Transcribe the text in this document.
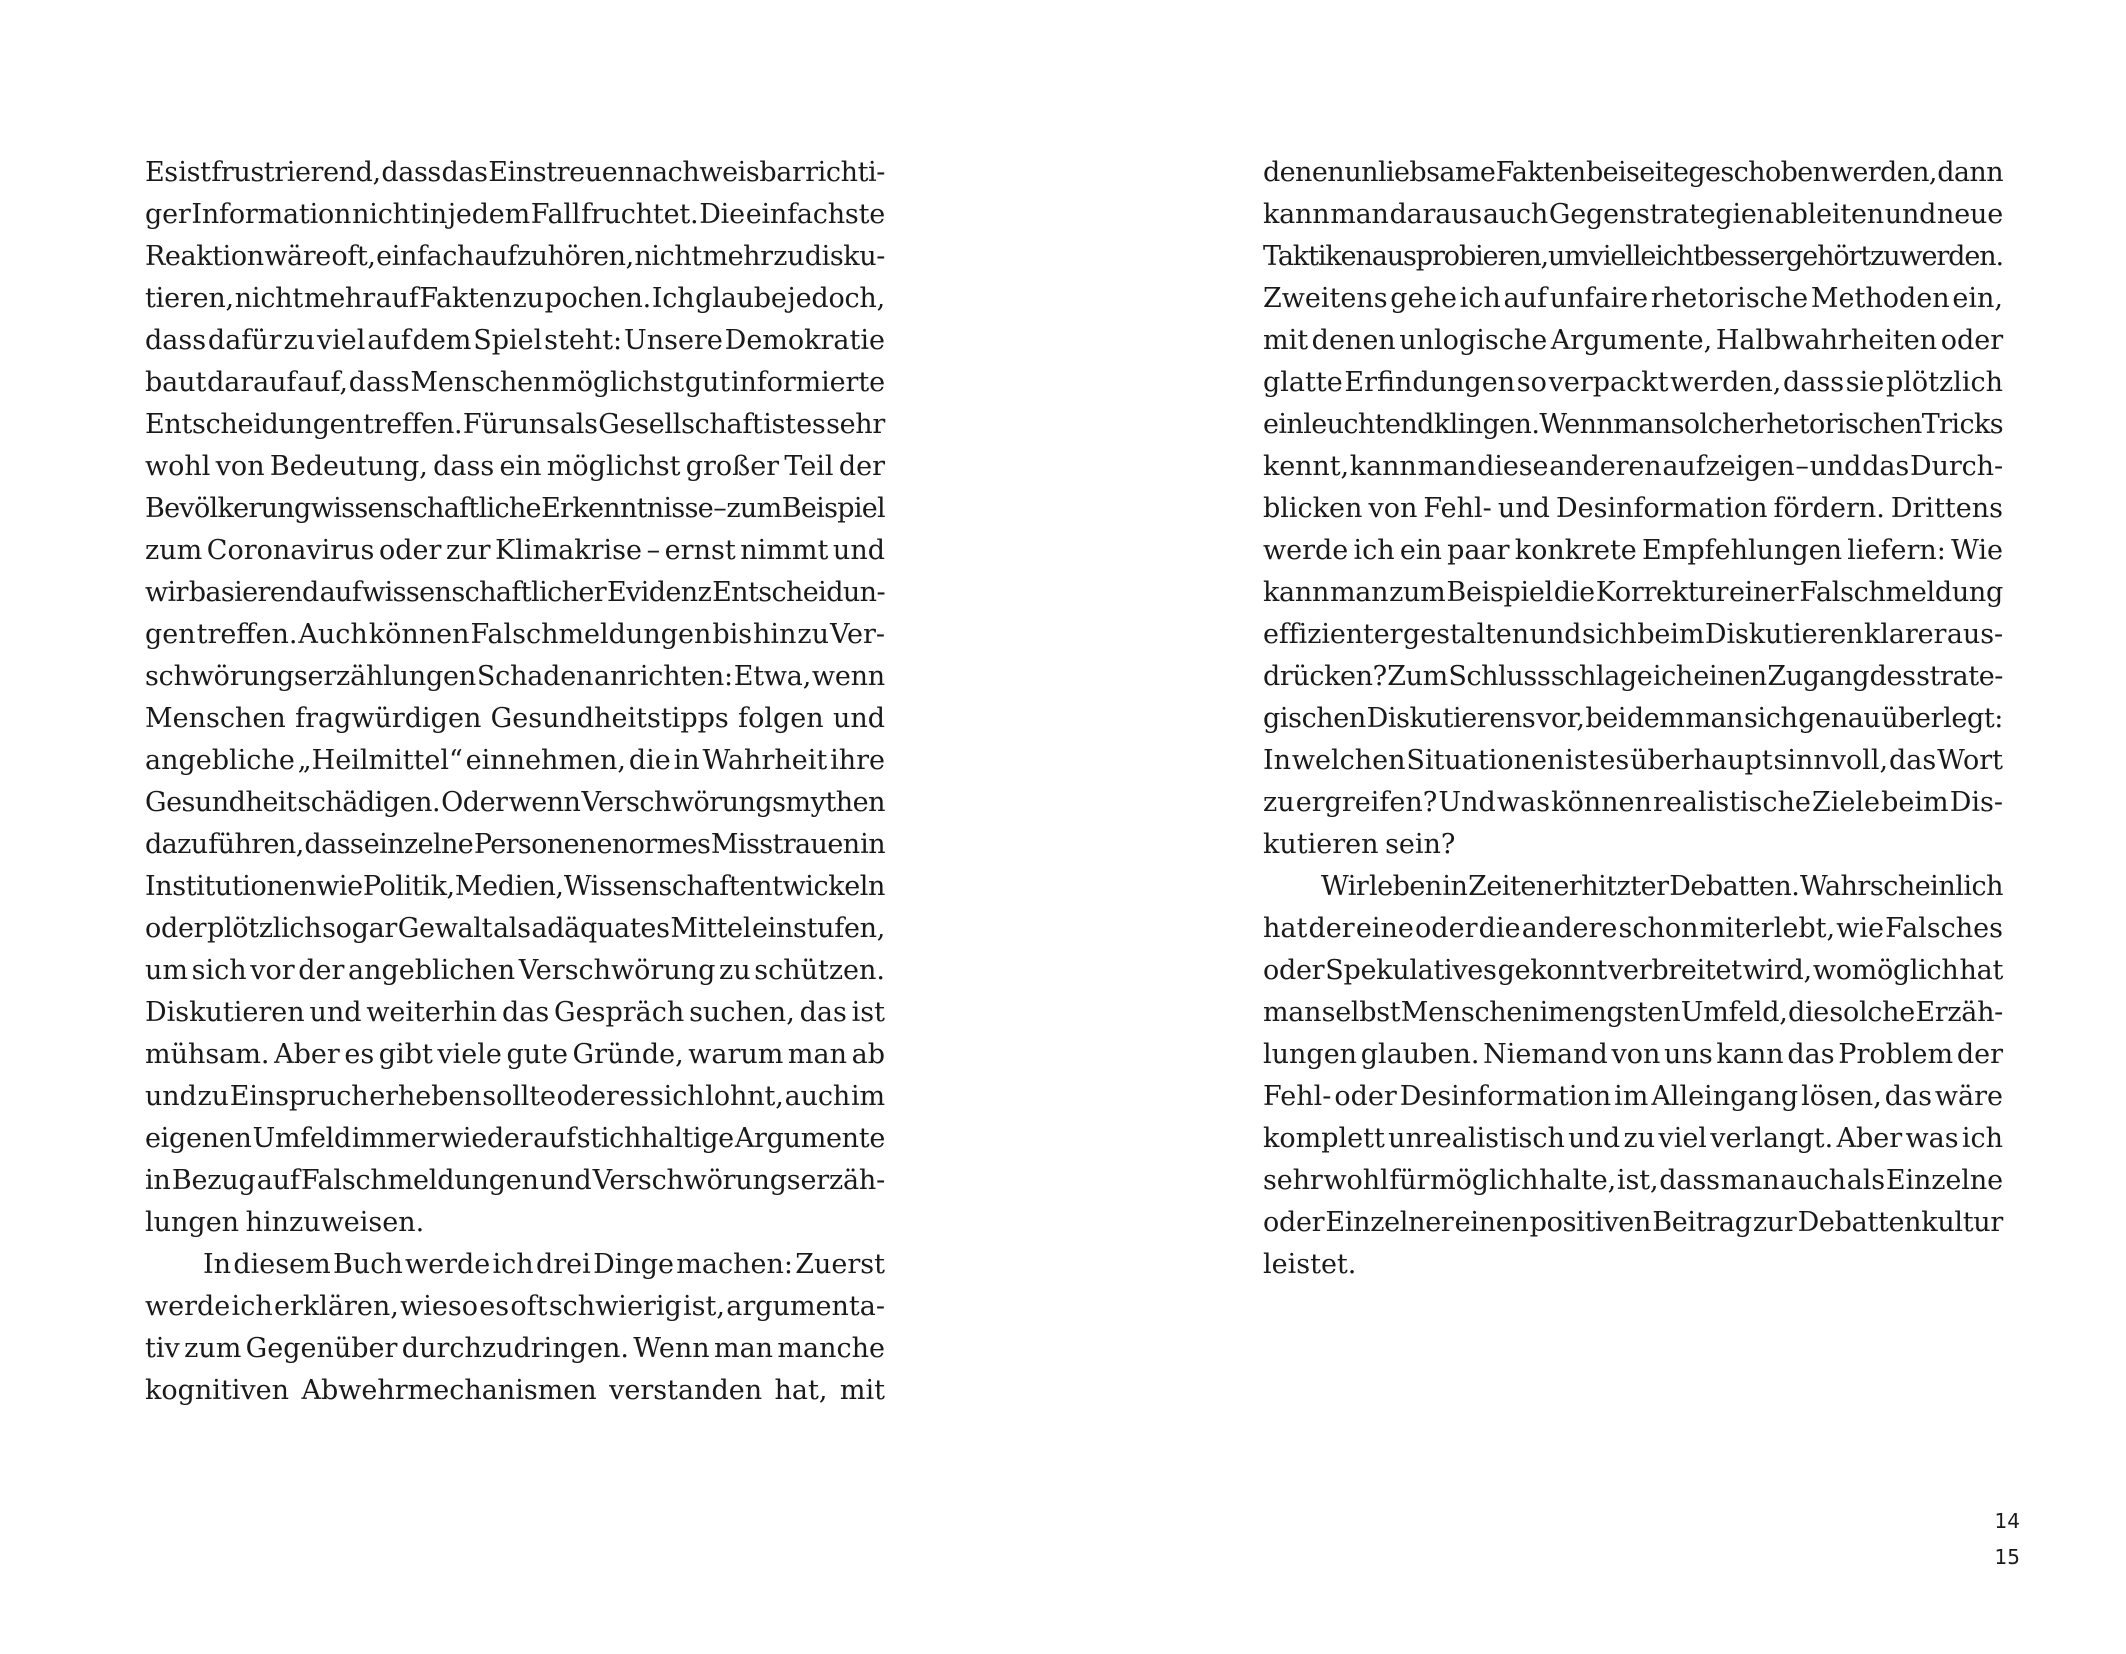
Es ist frustrierend, dass das Einstreuen nachweisbar richti-
ger Information nicht in jedem Fall fruchtet. Die einfachste
Reaktion wäre oft, einfach aufzuhören, nicht mehr zu disku-
tieren, nicht mehr auf Fakten zu pochen. Ich glaube jedoch,
dass dafür zu viel auf dem Spiel steht: Unsere Demokratie
baut darauf auf, dass Menschen möglichst gut informierte
Entscheidungen treffen. Für uns als Gesellschaft ist es sehr
wohl von Bedeutung, dass ein möglichst großer Teil der
Bevölkerung wissenschaftliche Erkenntnisse – zum Beispiel
zum Coronavirus oder zur Klimakrise – ernst nimmt und
wir basierend auf wissenschaftlicher Evidenz Entscheidun-
gen treffen. Auch können Falschmeldungen bis hin zu Ver-
schwörungserzählungen Schaden anrichten: Etwa, wenn
Menschen fragwürdigen Gesundheitstipps folgen und
angebliche „Heilmittel“ einnehmen, die in Wahrheit ihre
Gesundheit schädigen. Oder wenn Verschwörungsmythen
dazu führen, dass einzelne Personen enormes Misstrauen in
Institutionen wie Politik, Medien, Wissenschaft entwickeln
oder plötzlich sogar Gewalt als adäquates Mittel einstufen,
um sich vor der angeblichen Verschwörung zu schützen.
Diskutieren und weiterhin das Gespräch suchen, das ist
mühsam. Aber es gibt viele gute Gründe, warum man ab
und zu Einspruch erheben sollte oder es sich lohnt, auch im
eigenen Umfeld immer wieder auf stichhaltige Argumente
in Bezug auf Falschmeldungen und Verschwörungserzäh-
lungen hinzuweisen.
In diesem Buch werde ich drei Dinge machen: Zuerst
werde ich erklären, wieso es oft schwierig ist, argumenta-
tiv zum Gegenüber durchzudringen. Wenn man manche
kognitiven Abwehrmechanismen verstanden hat, mit
denen unliebsame Fakten beiseitegeschoben werden, dann
kann man daraus auch Gegenstrategien ableiten und neue
Taktiken ausprobieren, um vielleicht besser gehört zu werden.
Zweitens gehe ich auf unfaire rhetorische Methoden ein,
mit denen unlogische Argumente, Halbwahrheiten oder
glatte Erfindungen so verpackt werden, dass sie plötzlich
einleuchtend klingen. Wenn man solche rhetorischen Tricks
kennt, kann man diese anderen aufzeigen – und das Durch-
blicken von Fehl- und Desinformation fördern. Drittens
werde ich ein paar konkrete Empfehlungen liefern: Wie
kann man zum Beispiel die Korrektur einer Falschmeldung
effizienter gestalten und sich beim Diskutieren klarer aus-
drücken? Zum Schluss schlage ich einen Zugang des strate-
gischen Diskutierens vor, bei dem man sich genau überlegt:
In welchen Situationen ist es überhaupt sinnvoll, das Wort
zu ergreifen? Und was können realistische Ziele beim Dis-
kutieren sein?
Wir leben in Zeiten erhitzter Debatten. Wahrscheinlich
hat der eine oder die andere schon miterlebt, wie Falsches
oder Spekulatives gekonnt verbreitet wird, womöglich hat
man selbst Menschen im engsten Umfeld, die solche Erzäh-
lungen glauben. Niemand von uns kann das Problem der
Fehl- oder Desinformation im Alleingang lösen, das wäre
komplett unrealistisch und zu viel verlangt. Aber was ich
sehr wohl für möglich halte, ist, dass man auch als Einzelne
oder Einzelner einen positiven Beitrag zur Debattenkultur
leistet.
14
15
